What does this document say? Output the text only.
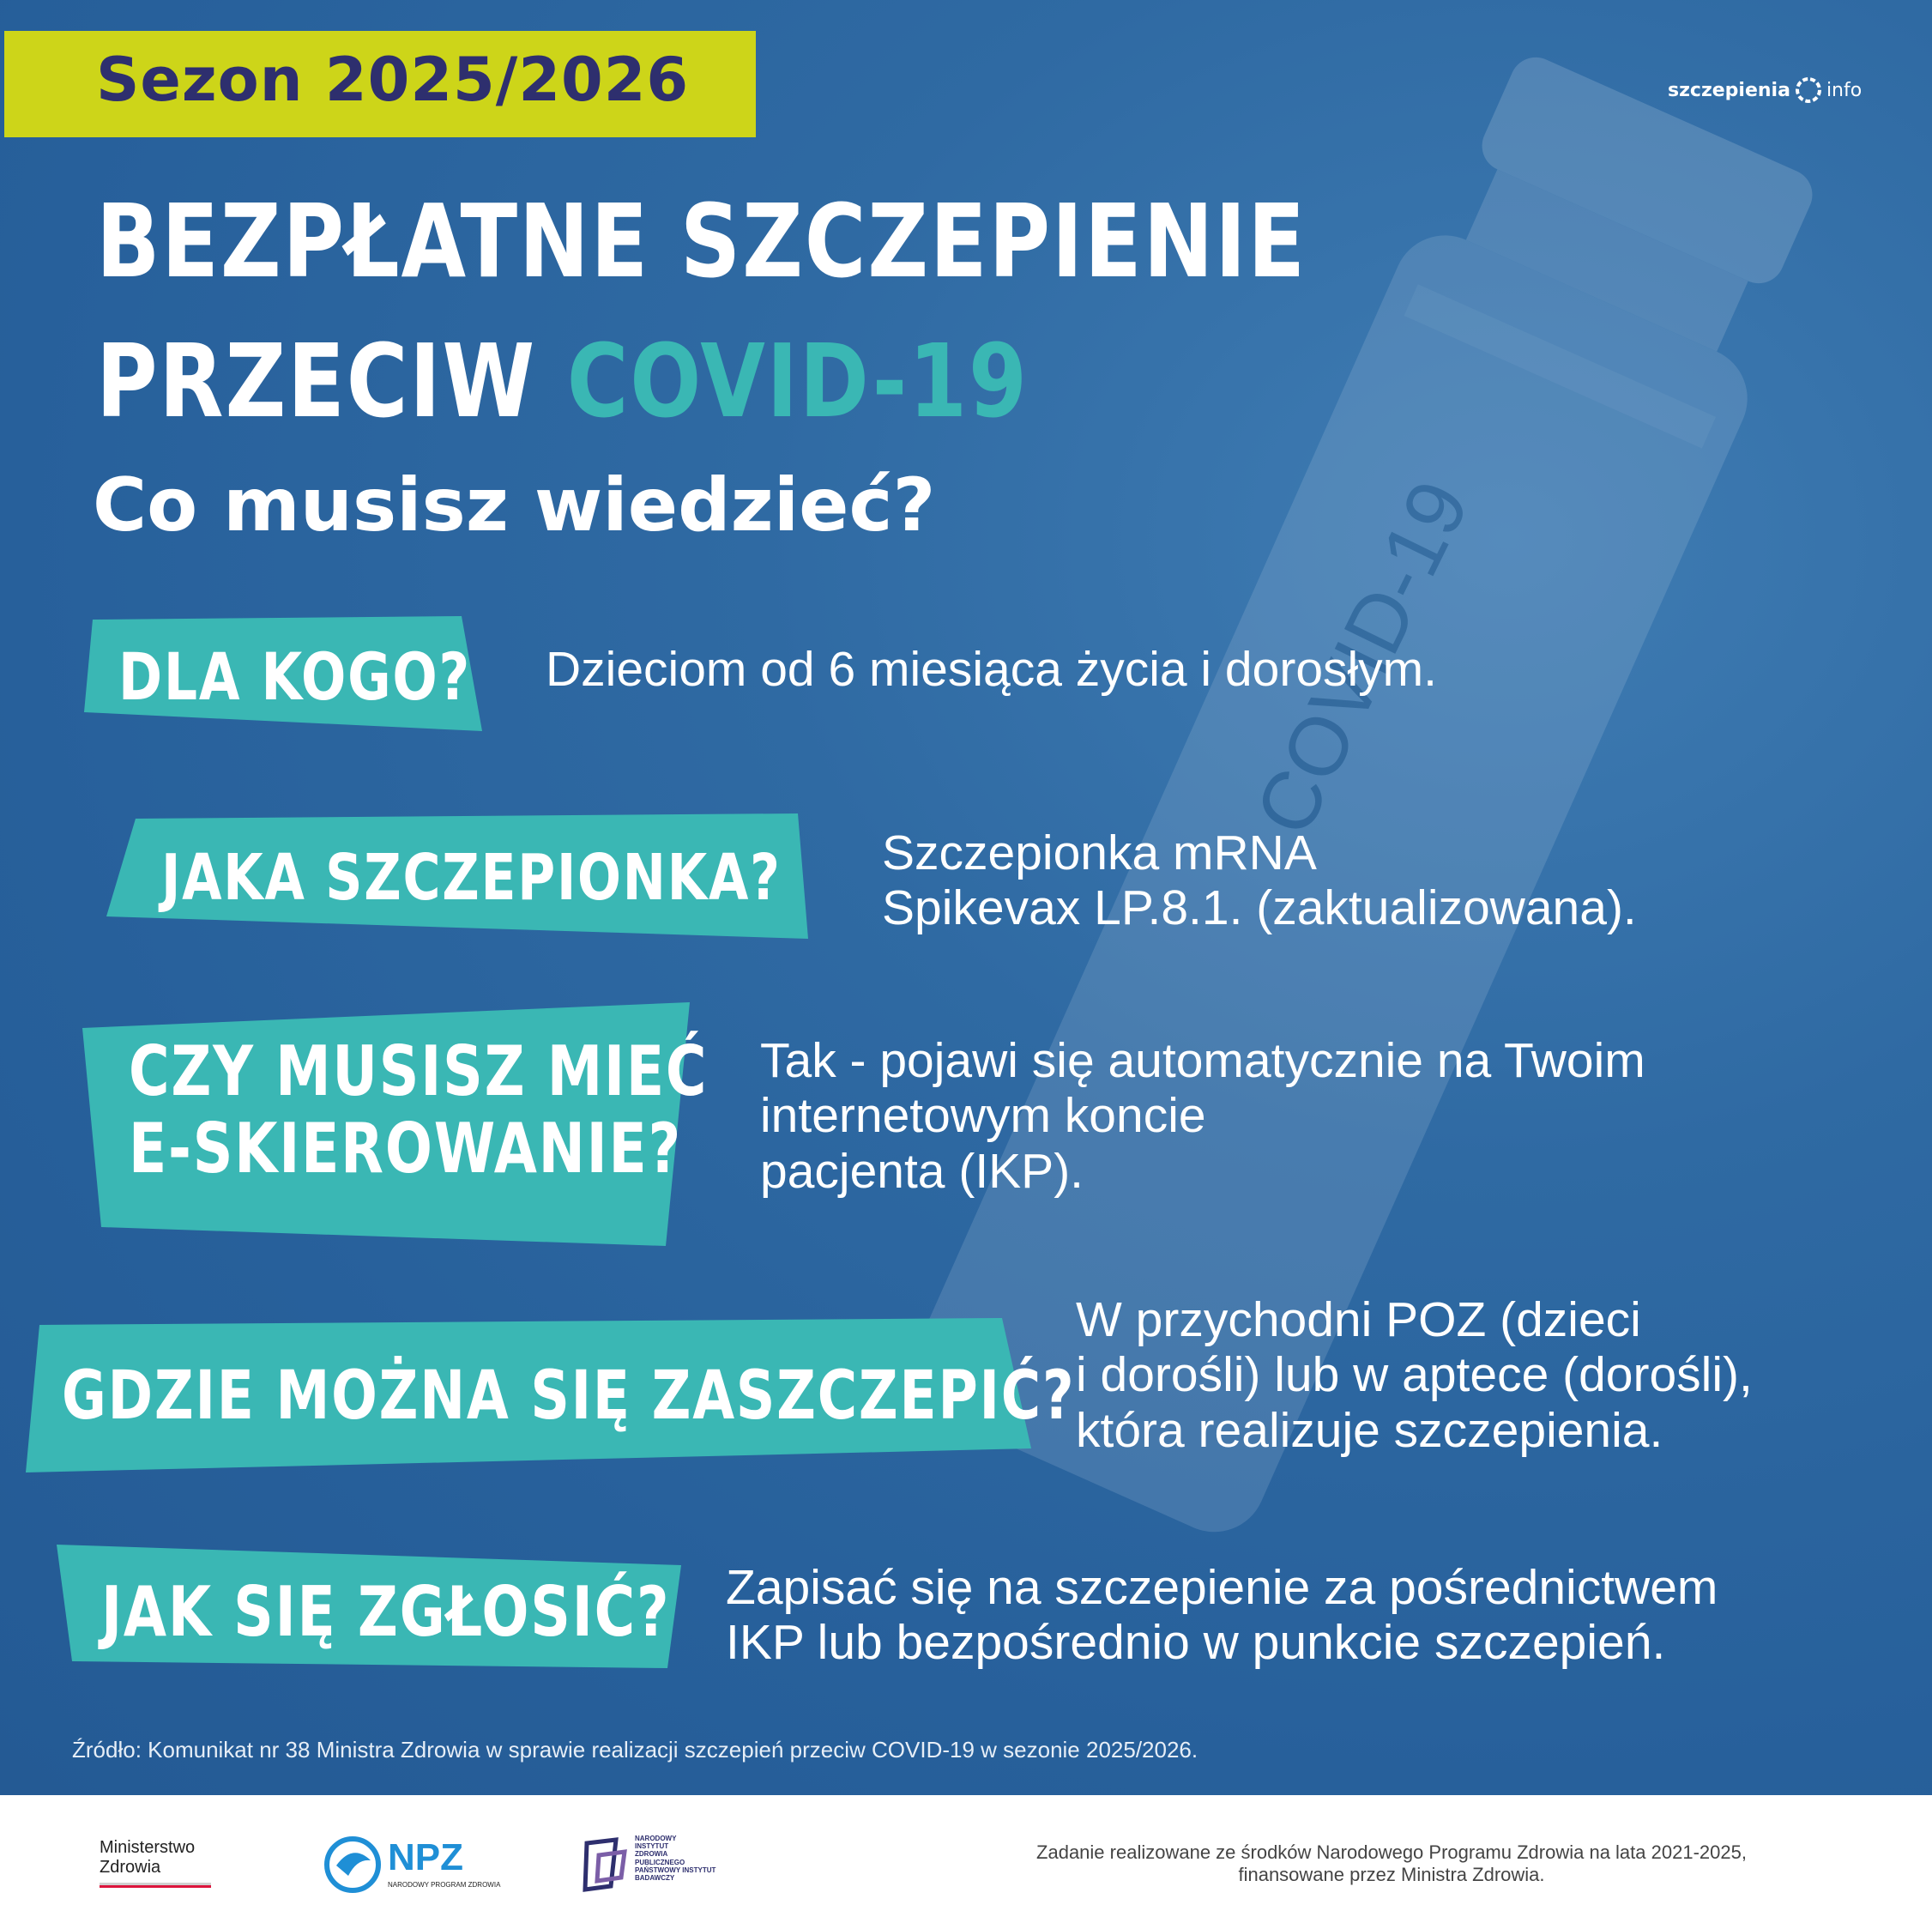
COVID-19
Sezon 2025/2026	szczepienia info
BEZPŁATNE SZCZEPIENIE
PRZECIW COVID-19
Co musisz wiedzieć?
DLA KOGO? Dzieciom od 6 miesiąca życia i dorosłym.
JAKA SZCZEPIONKA? Szczepionka mRNA
Spikevax LP.8.1. (zaktualizowana).
CZY MUSISZ MIEĆ
E-SKIEROWANIE?
Tak - pojawi się automatycznie na Twoim
internetowym koncie
pacjenta (IKP).
GDZIE MOŻNA SIĘ ZASZCZEPIĆ?
W przychodni POZ (dzieci
i dorośli) lub w aptece (dorośli),
która realizuje szczepienia.
JAK SIĘ ZGŁOSIĆ? Zapisać się na szczepienie za pośrednictwem
IKP lub bezpośrednio w punkcie szczepień.
Źródło: Komunikat nr 38 Ministra Zdrowia w sprawie realizacji szczepień przeciw COVID-19 w sezonie 2025/2026.
Ministerstwo
Zdrowia	NPZ
NARODOWY PROGRAM ZDROWIA
NARODOWY
INSTYTUT
ZDROWIA
PUBLICZNEGO
PAŃSTWOWY INSTYTUT
BADAWCZY
Zadanie realizowane ze środków Narodowego Programu Zdrowia na lata 2021-2025,
finansowane przez Ministra Zdrowia.
